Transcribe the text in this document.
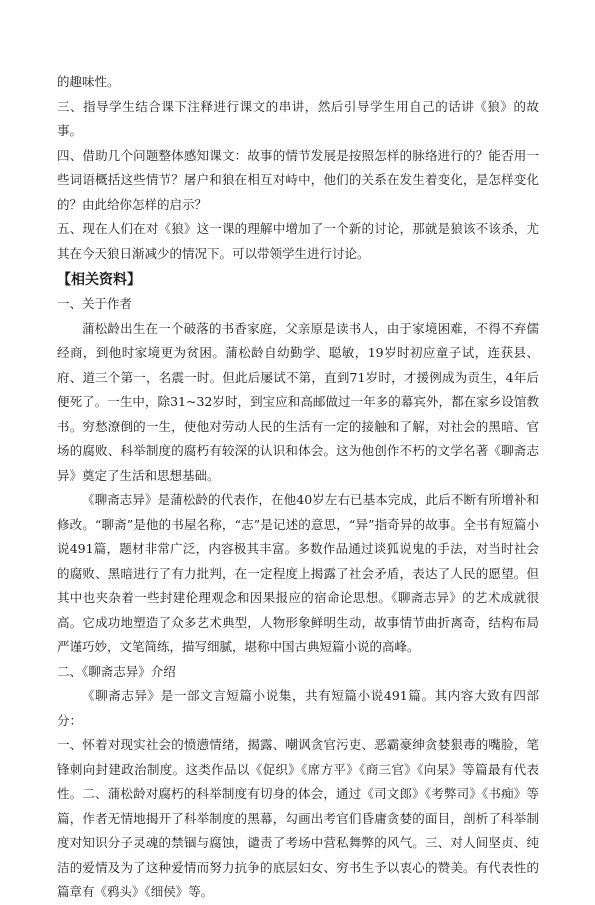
的趣味性。

三、指导学生结合课下注释进行课文的串讲，然后引导学生用自己的话讲《狼》的故事。

四、借助几个问题整体感知课文：故事的情节发展是按照怎样的脉络进行的？能否用一些词语概括这些情节？屠户和狼在相互对峙中，他们的关系在发生着变化，是怎样变化的？由此给你怎样的启示？

五、现在人们在对《狼》这一课的理解中增加了一个新的讨论，那就是狼该不该杀，尤其在今天狼日渐减少的情况下。可以带领学生进行讨论。

【相关资料】

一、关于作者

蒲松龄出生在一个破落的书香家庭，父亲原是读书人，由于家境困难，不得不弃儒经商，到他时家境更为贫困。蒲松龄自幼勤学、聪敏，19岁时初应童子试，连获县、府、道三个第一，名震一时。但此后屡试不第，直到71岁时，才援例成为贡生，4年后便死了。一生中，除31~32岁时，到宝应和高邮做过一年多的幕宾外，都在家乡设馆教书。穷愁潦倒的一生，使他对劳动人民的生活有一定的接触和了解，对社会的黑暗、官场的腐败、科举制度的腐朽有较深的认识和体会。这为他创作不朽的文学名著《聊斋志异》奠定了生活和思想基础。

《聊斋志异》是蒲松龄的代表作，在他40岁左右已基本完成，此后不断有所增补和修改。“聊斋”是他的书屋名称，“志”是记述的意思，“异”指奇异的故事。全书有短篇小说491篇，题材非常广泛，内容极其丰富。多数作品通过谈狐说鬼的手法，对当时社会的腐败、黑暗进行了有力批判，在一定程度上揭露了社会矛盾，表达了人民的愿望。但其中也夹杂着一些封建伦理观念和因果报应的宿命论思想。《聊斋志异》的艺术成就很高。它成功地塑造了众多艺术典型，人物形象鲜明生动，故事情节曲折离奇，结构布局严谨巧妙，文笔简练，描写细腻，堪称中国古典短篇小说的高峰。

二、《聊斋志异》介绍

《聊斋志异》是一部文言短篇小说集，共有短篇小说491篇。其内容大致有四部分：

一、怀着对现实社会的愤懑情绪，揭露、嘲讽贪官污吏、恶霸豪绅贪婪狠毒的嘴脸，笔锋刺向封建政治制度。这类作品以《促织》《席方平》《商三官》《向杲》等篇最有代表性。二、蒲松龄对腐朽的科举制度有切身的体会，通过《司文郎》《考弊司》《书痴》等篇，作者无情地揭开了科举制度的黑幕，勾画出考官们昏庸贪婪的面目，剖析了科举制度对知识分子灵魂的禁锢与腐蚀，谴责了考场中营私舞弊的风气。三、对人间坚贞、纯洁的爱情及为了这种爱情而努力抗争的底层妇女、穷书生予以衷心的赞美。有代表性的篇章有《鸦头》《细侯》等。
